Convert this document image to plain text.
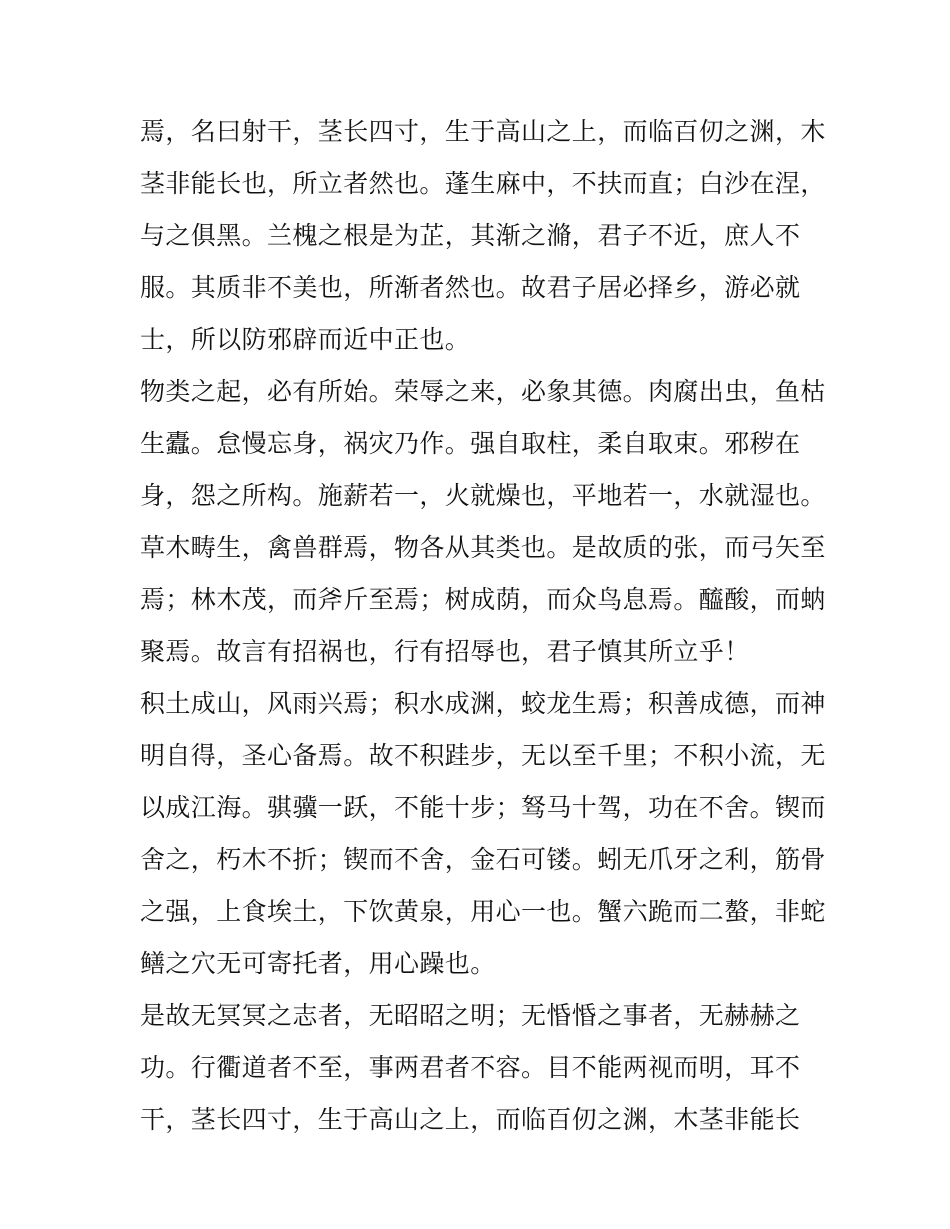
焉，名曰射干，茎长四寸，生于高山之上，而临百仞之渊，木
茎非能长也，所立者然也。蓬生麻中，不扶而直；白沙在涅，
与之俱黑。兰槐之根是为芷，其渐之滫，君子不近，庶人不
服。其质非不美也，所渐者然也。故君子居必择乡，游必就
士，所以防邪辟而近中正也。
物类之起，必有所始。荣辱之来，必象其德。肉腐出虫，鱼枯
生蠹。怠慢忘身，祸灾乃作。强自取柱，柔自取束。邪秽在
身，怨之所构。施薪若一，火就燥也，平地若一，水就湿也。
草木畴生，禽兽群焉，物各从其类也。是故质的张，而弓矢至
焉；林木茂，而斧斤至焉；树成荫，而众鸟息焉。醯酸，而蚋
聚焉。故言有招祸也，行有招辱也，君子慎其所立乎！
积土成山，风雨兴焉；积水成渊，蛟龙生焉；积善成德，而神
明自得，圣心备焉。故不积跬步，无以至千里；不积小流，无
以成江海。骐骥一跃，不能十步；驽马十驾，功在不舍。锲而
舍之，朽木不折；锲而不舍，金石可镂。蚓无爪牙之利，筋骨
之强，上食埃土，下饮黄泉，用心一也。蟹六跪而二螯，非蛇
鳝之穴无可寄托者，用心躁也。
是故无冥冥之志者，无昭昭之明；无惛惛之事者，无赫赫之
功。行衢道者不至，事两君者不容。目不能两视而明，耳不
干，茎长四寸，生于高山之上，而临百仞之渊，木茎非能长
